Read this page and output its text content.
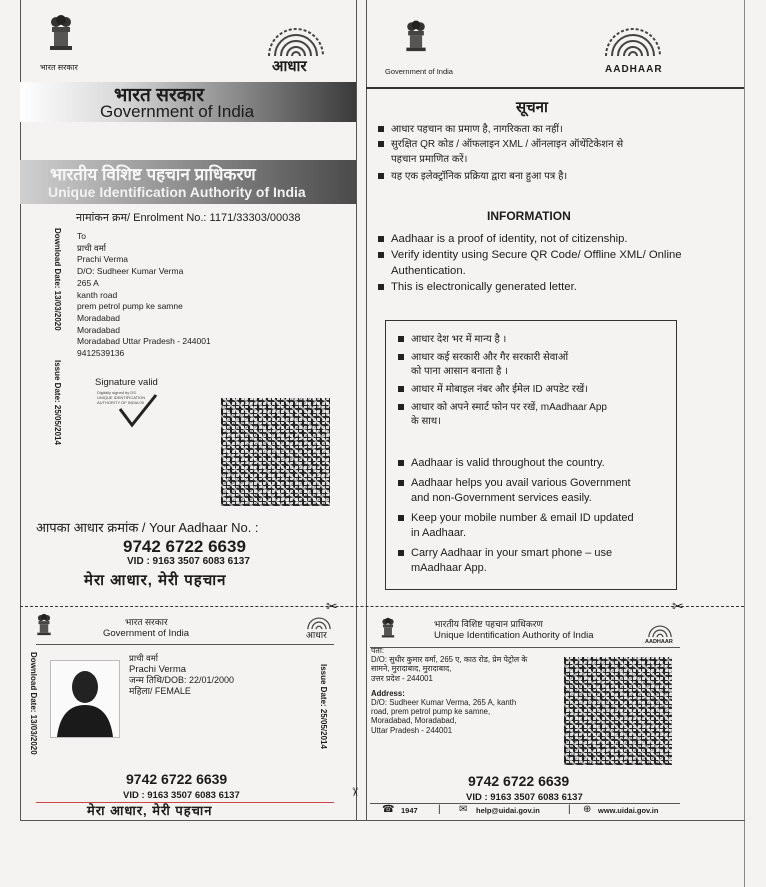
✂	✂
✂
भारत सरकार	आधार
भारत सरकार
Government of India
भारतीय विशिष्ट पहचान प्राधिकरण
Unique Identification Authority of India
नामांकन क्रम/ Enrolment No.: 1171/33303/00038
Download Date: 13/03/2020
Issue Date: 25/05/2014
To
प्राची वर्मा
Prachi Verma
D/O: Sudheer Kumar Verma
265 A
kanth road
prem petrol pump ke samne
Moradabad
Moradabad
Moradabad Uttar Pradesh - 244001
9412539136
Signature valid
Digitally signed by DS UNIQUE IDENTIFICATION AUTHORITY OF INDIA 05
आपका आधार क्रमांक / Your Aadhaar No. :
9742 6722 6639
VID : 9163 3507 6083 6137
मेरा आधार, मेरी पहचान
Government of India	AADHAAR
सूचना
आधार पहचान का प्रमाण है, नागरिकता का नहीं।
सुरक्षित QR कोड / ऑफलाइन XML / ऑनलाइन ऑथेंटिकेशन से
पहचान प्रमाणित करें।
यह एक इलेक्ट्रॉनिक प्रक्रिया द्वारा बना हुआ पत्र है।
INFORMATION
Aadhaar is a proof of identity, not of citizenship.
Verify identity using Secure QR Code/ Offline XML/ Online
Authentication.
This is electronically generated letter.
आधार देश भर में मान्य है ।
आधार कई सरकारी और गैर सरकारी सेवाओं
को पाना आसान बनाता है ।
आधार में मोबाइल नंबर और ईमेल ID अपडेट रखें।
आधार को अपने स्मार्ट फोन पर रखें, mAadhaar App
के साथ।
Aadhaar is valid throughout the country.
Aadhaar helps you avail various Government
and non-Government services easily.
Keep your mobile number & email ID updated
in Aadhaar.
Carry Aadhaar in your smart phone – use
mAadhaar App.
भारत सरकार
Government of India	आधार
Download Date: 13/03/2020	Issue Date: 25/05/2014
प्राची वर्मा
Prachi Verma
जन्म तिथि/DOB: 22/01/2000
महिला/ FEMALE
9742 6722 6639
VID : 9163 3507 6083 6137
मेरा आधार, मेरी पहचान
भारतीय विशिष्ट पहचान प्राधिकरण
Unique Identification Authority of India
AADHAAR
पता:
D/O: सुधीर कुमार वर्मा, 265 ए, काठ रोड, प्रेम पेट्रोल के
सामने, मुरादाबाद, मुरादाबाद,
उत्तर प्रदेश - 244001
Address:
D/O: Sudheer Kumar Verma, 265 A, kanth
road, prem petrol pump ke samne,
Moradabad, Moradabad,
Uttar Pradesh - 244001
9742 6722 6639
VID : 9163 3507 6083 6137
☎ 1947 | ✉ help@uidai.gov.in	| ⊕ www.uidai.gov.in
